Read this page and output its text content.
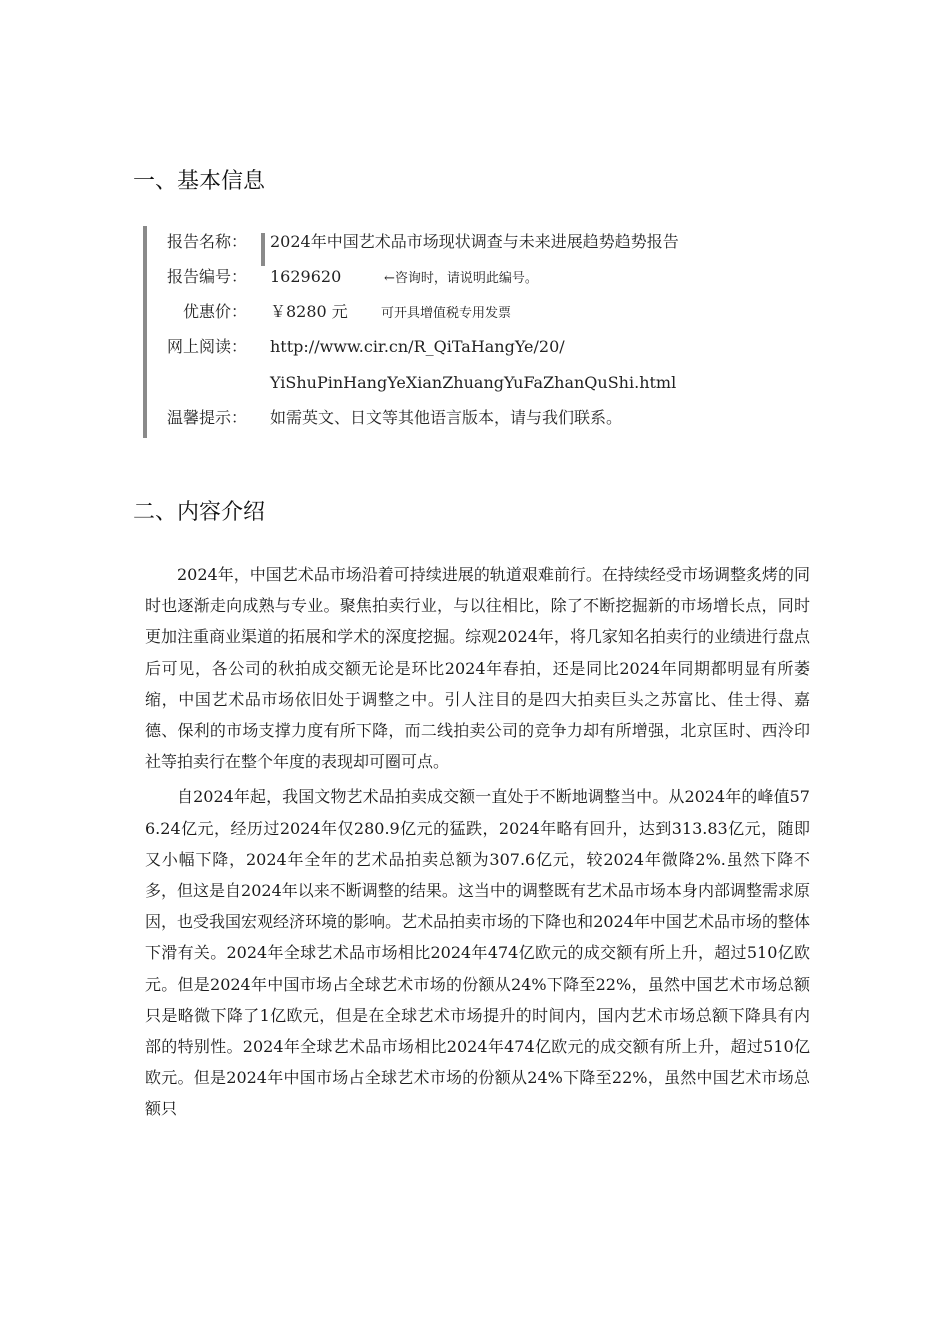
一、基本信息
报告名称： 2024年中国艺术品市场现状调查与未来进展趋势趋势报告
报告编号： 1629620	←咨询时，请说明此编号。
优惠价： ￥8280 元	可开具增值税专用发票
网上阅读： http://www.cir.cn/R_QiTaHangYe/20/
YiShuPinHangYeXianZhuangYuFaZhanQuShi.html
温馨提示： 如需英文、日文等其他语言版本，请与我们联系。
二、内容介绍

2024年，中国艺术品市场沿着可持续进展的轨道艰难前行。在持续经受市场调整炙烤的同时也逐渐走向成熟与专业。聚焦拍卖行业，与以往相比，除了不断挖掘新的市场增长点，同时更加注重商业渠道的拓展和学术的深度挖掘。综观2024年，将几家知名拍卖行的业绩进行盘点后可见，各公司的秋拍成交额无论是环比2024年春拍，还是同比2024年同期都明显有所萎缩，中国艺术品市场依旧处于调整之中。引人注目的是四大拍卖巨头之苏富比、佳士得、嘉德、保利的市场支撑力度有所下降，而二线拍卖公司的竞争力却有所增强，北京匡时、西泠印社等拍卖行在整个年度的表现却可圈可点。

自2024年起，我国文物艺术品拍卖成交额一直处于不断地调整当中。从2024年的峰值576.24亿元，经历过2024年仅280.9亿元的猛跌，2024年略有回升，达到313.83亿元，随即又小幅下降，2024年全年的艺术品拍卖总额为307.6亿元，较2024年微降2%.虽然下降不多，但这是自2024年以来不断调整的结果。这当中的调整既有艺术品市场本身内部调整需求原因，也受我国宏观经济环境的影响。艺术品拍卖市场的下降也和2024年中国艺术品市场的整体下滑有关。2024年全球艺术品市场相比2024年474亿欧元的成交额有所上升，超过510亿欧元。但是2024年中国市场占全球艺术市场的份额从24%下降至22%，虽然中国艺术市场总额只是略微下降了1亿欧元，但是在全球艺术市场提升的时间内，国内艺术市场总额下降具有内部的特别性。2024年全球艺术品市场相比2024年474亿欧元的成交额有所上升，超过510亿欧元。但是2024年中国市场占全球艺术市场的份额从24%下降至22%，虽然中国艺术市场总额只
